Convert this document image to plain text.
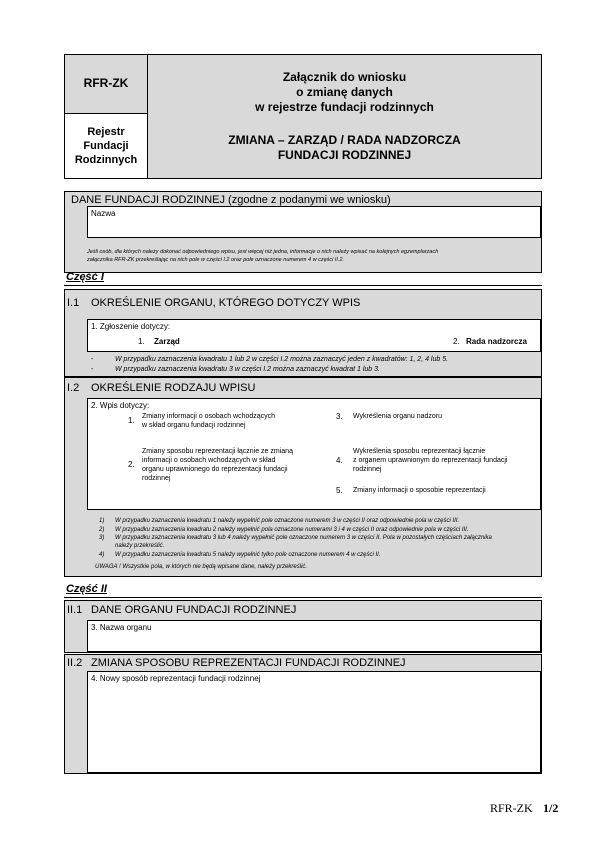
RFR-ZK
Rejestr
Fundacji
Rodzinnych
Załącznik do wniosku
o zmianę danych
w rejestrze fundacji rodzinnych
ZMIANA – ZARZĄD / RADA NADZORCZA
FUNDACJI RODZINNEJ
DANE FUNDACJI RODZINNEJ (zgodne z podanymi we wniosku)
Nazwa
Jeśli osób, dla których należy dokonać odpowiedniego wpisu, jest więcej niż jedna, informacje o nich należy wpisać na kolejnych egzemplarzach
załącznika RFR-ZK przekreślając na nich pole w części I.2 oraz pole oznaczone numerem 4 w części II.2.
Część I
I.1 OKREŚLENIE ORGANU, KTÓREGO DOTYCZY WPIS
1. Zgłoszenie dotyczy:
1. Zarząd	2. Rada nadzorcza
-	W przypadku zaznaczenia kwadratu 1 lub 2 w części I.2 można zaznaczyć jeden z kwadratów: 1, 2, 4 lub 5.
-	W przypadku zaznaczenia kwadratu 3 w części I.2 można zaznaczyć kwadrat 1 lub 3.
I.2 OKREŚLENIE RODZAJU WPISU
2. Wpis dotyczy:
1. Zmiany informacji o osobach wchodzących
w skład organu fundacji rodzinnej
2.
Zmiany sposobu reprezentacji łącznie ze zmianą
informacji o osobach wchodzących w skład
organu uprawnionego do reprezentacji fundacji
rodzinnej
3. Wykreślenia organu nadzoru
4.
Wykreślenia sposobu reprezentacji łącznie
z organem uprawnionym do reprezentacji fundacji
rodzinnej
5. Zmiany informacji o sposobie reprezentacji
1) W przypadku zaznaczenia kwadratu 1 należy wypełnić pole oznaczone numerem 3 w części II oraz odpowiednie pola w części III.
2) W przypadku zaznaczenia kwadratu 2 należy wypełnić pola oznaczone numerami 3 i 4 w części II oraz odpowiednie pola w części III.
3) W przypadku zaznaczenia kwadratu 3 lub 4 należy wypełnić pole oznaczone numerem 3 w części II. Pola w pozostałych częściach załącznika
należy przekreślić.
4) W przypadku zaznaczenia kwadratu 5 należy wypełnić tylko pole oznaczone numerem 4 w części II.
UWAGA ! Wszystkie pola, w których nie będą wpisane dane, należy przekreślić.
Część II
II.1 DANE ORGANU FUNDACJI RODZINNEJ
3. Nazwa organu
II.2 ZMIANA SPOSOBU REPREZENTACJI FUNDACJI RODZINNEJ
4. Nowy sposób reprezentacji fundacji rodzinnej
RFR-ZK 1/2
